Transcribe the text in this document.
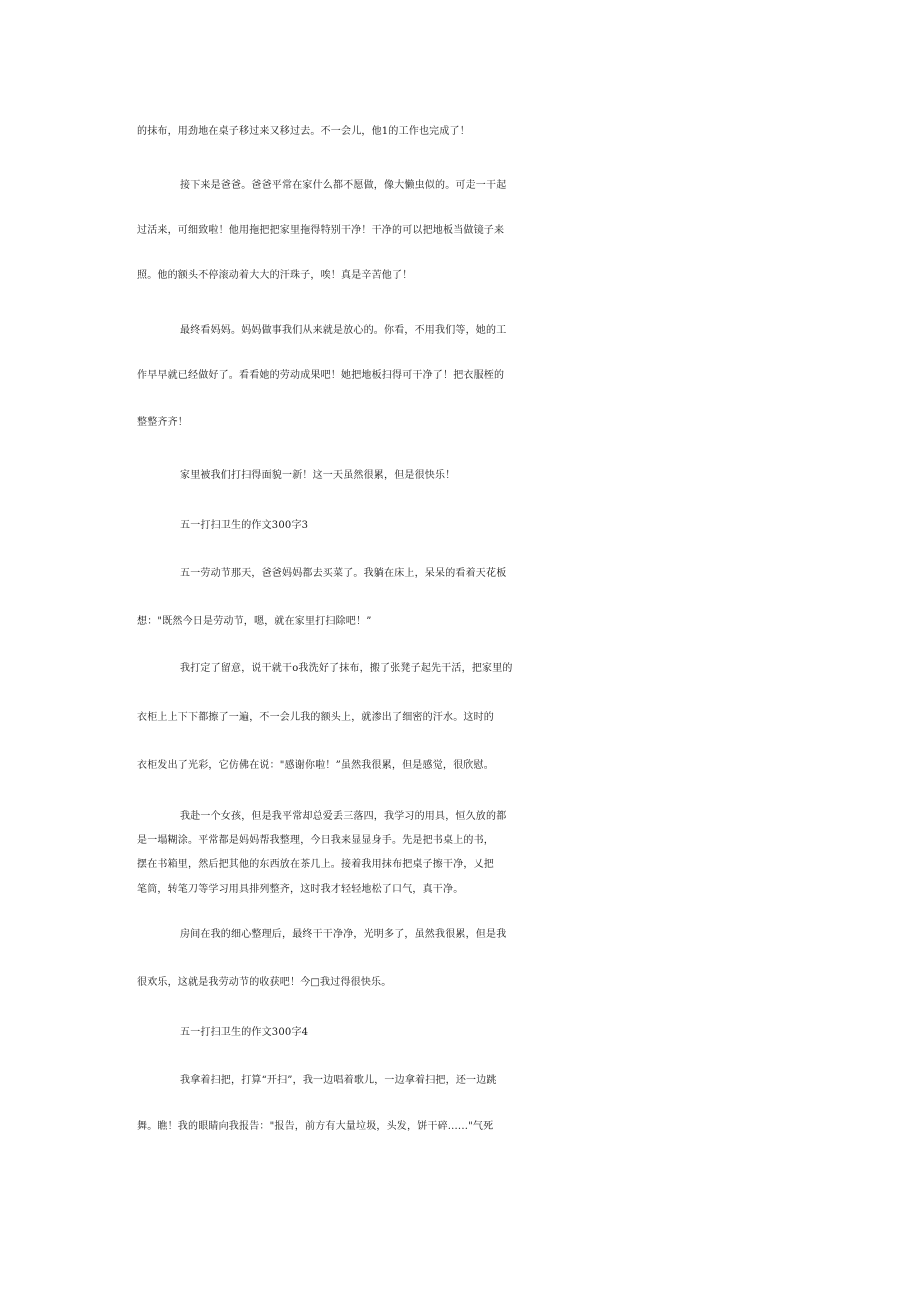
的抹布，用劲地在桌子移过来又移过去。不一会儿，他1的工作也完成了！
接下来是爸爸。爸爸平常在家什么都不愿做，像大懒虫似的。可走一干起
过活来，可细致啦！他用拖把把家里拖得特别干净！干净的可以把地板当做镜子来
照。他的额头不停滚动着大大的汗珠子，唉！真是辛苦他了！
最终看妈妈。妈妈做事我们从来就是放心的。你看，不用我们等，她的工
作早早就已经做好了。看看她的劳动成果吧！她把地板扫得可干净了！把衣服桎的
整整齐齐！
家里被我们打扫得面貌一新！这一天虽然很累，但是很快乐！
五一打扫卫生的作文300字3
五一劳动节那天，爸爸妈妈都去买菜了。我躺在床上，呆呆的看着天花板
想："既然今日是劳动节，嗯，就在家里打扫除吧！”
我打定了留意，说干就干o我洗好了抹布，搬了张凳子起先干活，把家里的
衣柜上上下下都擦了一遍，不一会儿我的额头上，就渗出了细密的汗水。这时的
衣柜发出了光彩，它仿佛在说："感谢你啦！”虽然我很累，但是感觉，很欣慰。
我赴一个女孩，但是我平常却总爱丢三落四，我学习的用具，恒久放的都
是一塌糊涂。平常都是妈妈帮我整理，今日我来显显身手。先是把书桌上的书，
摆在书箱里，然后把其他的东西放在茶几上。接着我用抹布把桌子擦干净，乂把
笔筒，转笔刀等学习用具排列整齐，这时我才轻轻地松了口气，真干净。
房间在我的细心整理后，最终干干净净，光明多了，虽然我很累，但是我
很欢乐，这就是我劳动节的收获吧！今□我过得很快乐。
五一打扫卫生的作文300字4
我拿着扫把，打算“开扫”，我一边唱着歌儿，一边拿着扫把，还一边跳
舞。瞧！我的眼睛向我报告："报告，前方有大量垃圾，头发，饼干碎......"气死
